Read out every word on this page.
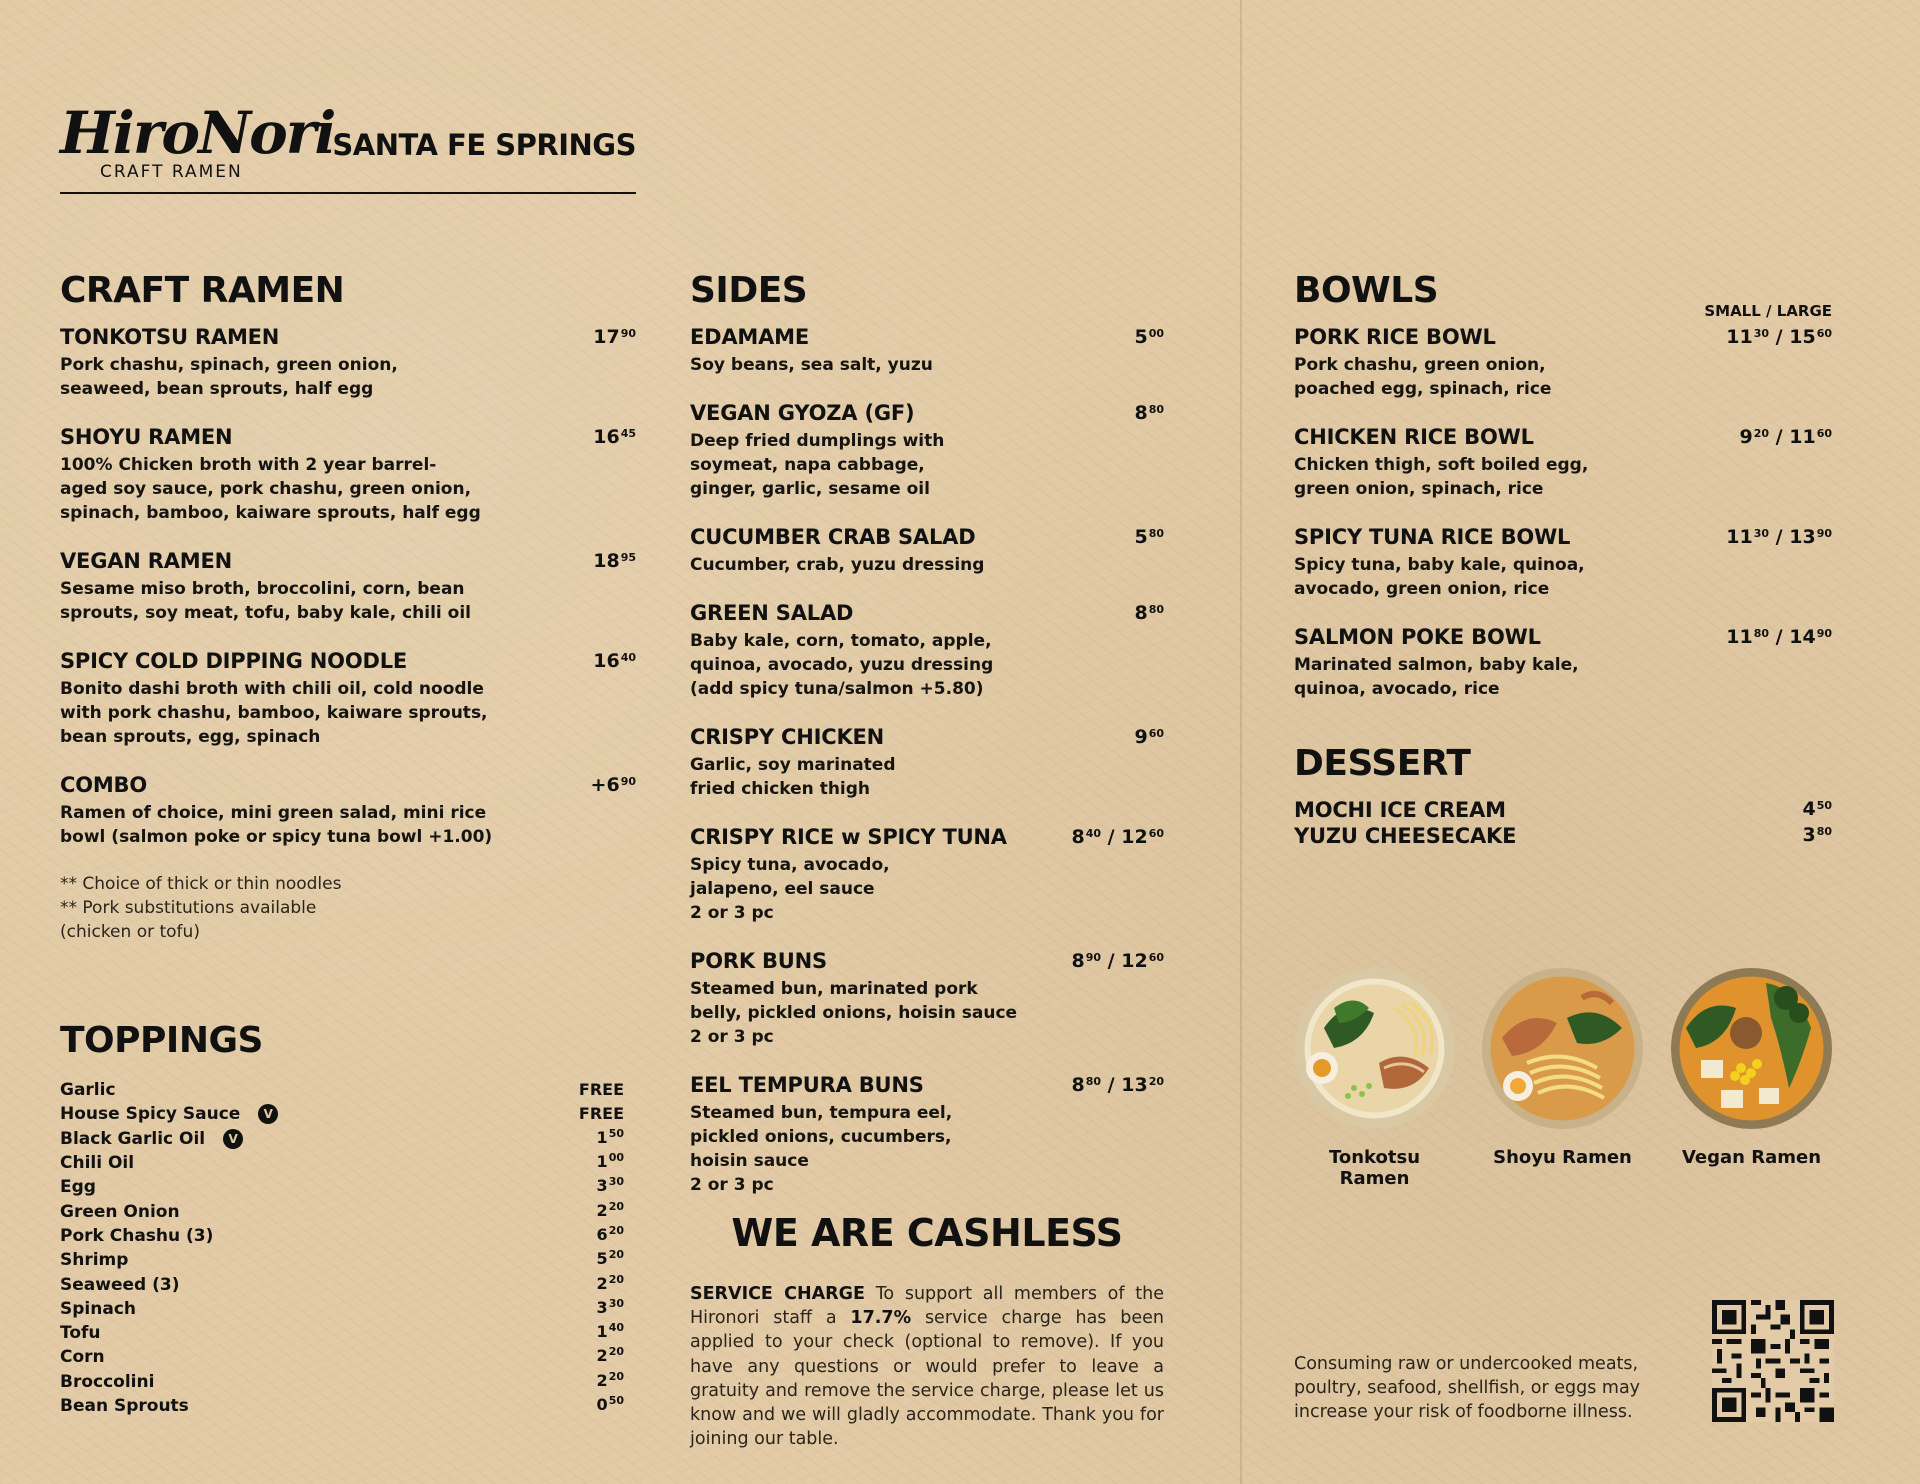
HiroNori
CRAFT RAMEN
SANTA FE SPRINGS
CRAFT RAMEN
TONKOTSU RAMEN	$17^{90}$
Pork chashu, spinach, green onion,
seaweed, bean sprouts, half egg
SHOYU RAMEN	$16^{45}$
100% Chicken broth with 2 year barrel-
aged soy sauce, pork chashu, green onion,
spinach, bamboo, kaiware sprouts, half egg
VEGAN RAMEN	$18^{95}$
Sesame miso broth, broccolini, corn, bean
sprouts, soy meat, tofu, baby kale, chili oil
SPICY COLD DIPPING NOODLE	$16^{40}$
Bonito dashi broth with chili oil, cold noodle
with pork chashu, bamboo, kaiware sprouts,
bean sprouts, egg, spinach
COMBO	$+6^{90}$
Ramen of choice, mini green salad, mini rice
bowl (salmon poke or spicy tuna bowl +1.00)
** Choice of thick or thin noodles
** Pork substitutions available
(chicken or tofu)
TOPPINGS
Garlic	FREE
House Spicy Sauce V	FREE
Black Garlic Oil V	$1^{50}$
Chili Oil	$1^{00}$
Egg	$3^{30}$
Green Onion	$2^{20}$
Pork Chashu (3)	$6^{20}$
Shrimp	$5^{20}$
Seaweed (3)	$2^{20}$
Spinach	$3^{30}$
Tofu	$1^{40}$
Corn	$2^{20}$
Broccolini	$2^{20}$
Bean Sprouts	$0^{50}$
SIDES
EDAMAME	$5^{00}$
Soy beans, sea salt, yuzu
VEGAN GYOZA (GF)	$8^{80}$
Deep fried dumplings with
soymeat, napa cabbage,
ginger, garlic, sesame oil
CUCUMBER CRAB SALAD	$5^{80}$
Cucumber, crab, yuzu dressing
GREEN SALAD	$8^{80}$
Baby kale, corn, tomato, apple,
quinoa, avocado, yuzu dressing
(add spicy tuna/salmon +5.80)
CRISPY CHICKEN	$9^{60}$
Garlic, soy marinated
fried chicken thigh
CRISPY RICE w SPICY TUNA	$8^{40} / 12^{60}$
Spicy tuna, avocado,
jalapeno, eel sauce
2 or 3 pc
PORK BUNS	$8^{90} / 12^{60}$
Steamed bun, marinated pork
belly, pickled onions, hoisin sauce
2 or 3 pc
EEL TEMPURA BUNS	$8^{80} / 13^{20}$
Steamed bun, tempura eel,
pickled onions, cucumbers,
hoisin sauce
2 or 3 pc
WE ARE CASHLESS
SERVICE CHARGE To support all members of the Hironori staff a 17.7% service charge has been applied to your check (optional to remove). If you have any questions or would prefer to leave a gratuity and remove the service charge, please let us know and we will gladly accommodate. Thank you for joining our table.
BOWLS	SMALL / LARGE
PORK RICE BOWL	$11^{30} / 15^{60}$
Pork chashu, green onion,
poached egg, spinach, rice
CHICKEN RICE BOWL	$9^{20} / 11^{60}$
Chicken thigh, soft boiled egg,
green onion, spinach, rice
SPICY TUNA RICE BOWL	$11^{30} / 13^{90}$
Spicy tuna, baby kale, quinoa,
avocado, green onion, rice
SALMON POKE BOWL	$11^{80} / 14^{90}$
Marinated salmon, baby kale,
quinoa, avocado, rice
DESSERT
MOCHI ICE CREAM	$4^{50}$
YUZU CHEESECAKE	$3^{80}$
Tonkotsu Ramen
Shoyu Ramen	Vegan Ramen
Consuming raw or undercooked meats, poultry, seafood, shellfish, or eggs may increase your risk of foodborne illness.
